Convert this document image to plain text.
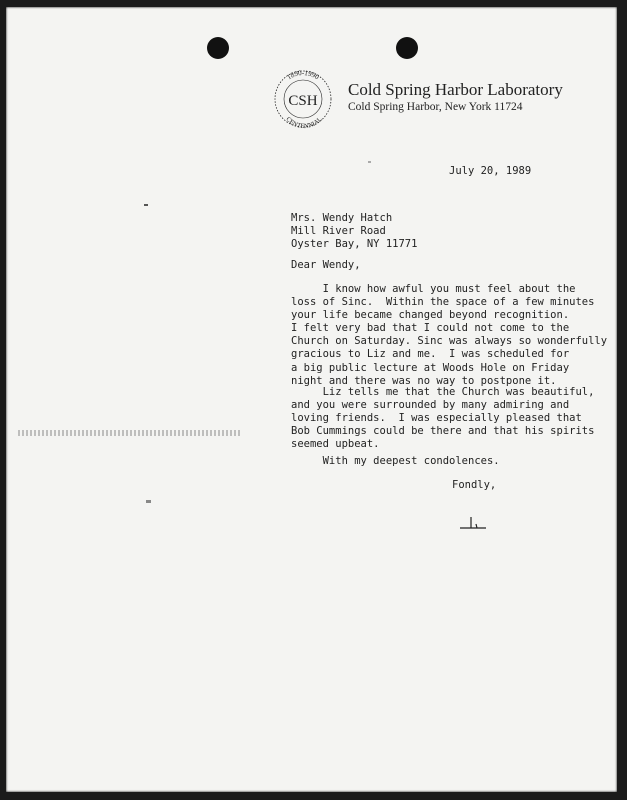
1890-1990
CENTENNIAL
CSH
Cold Spring Harbor Laboratory
Cold Spring Harbor, New York 11724
July 20, 1989
Mrs. Wendy Hatch
Mill River Road
Oyster Bay, NY 11771
Dear Wendy,
I know how awful you must feel about the
loss of Sinc.  Within the space of a few minutes
your life became changed beyond recognition.
I felt very bad that I could not come to the
Church on Saturday. Sinc was always so wonderfully
gracious to Liz and me.  I was scheduled for
a big public lecture at Woods Hole on Friday
night and there was no way to postpone it.
Liz tells me that the Church was beautiful,
and you were surrounded by many admiring and
loving friends.  I was especially pleased that
Bob Cummings could be there and that his spirits
seemed upbeat.
With my deepest condolences.
Fondly,
